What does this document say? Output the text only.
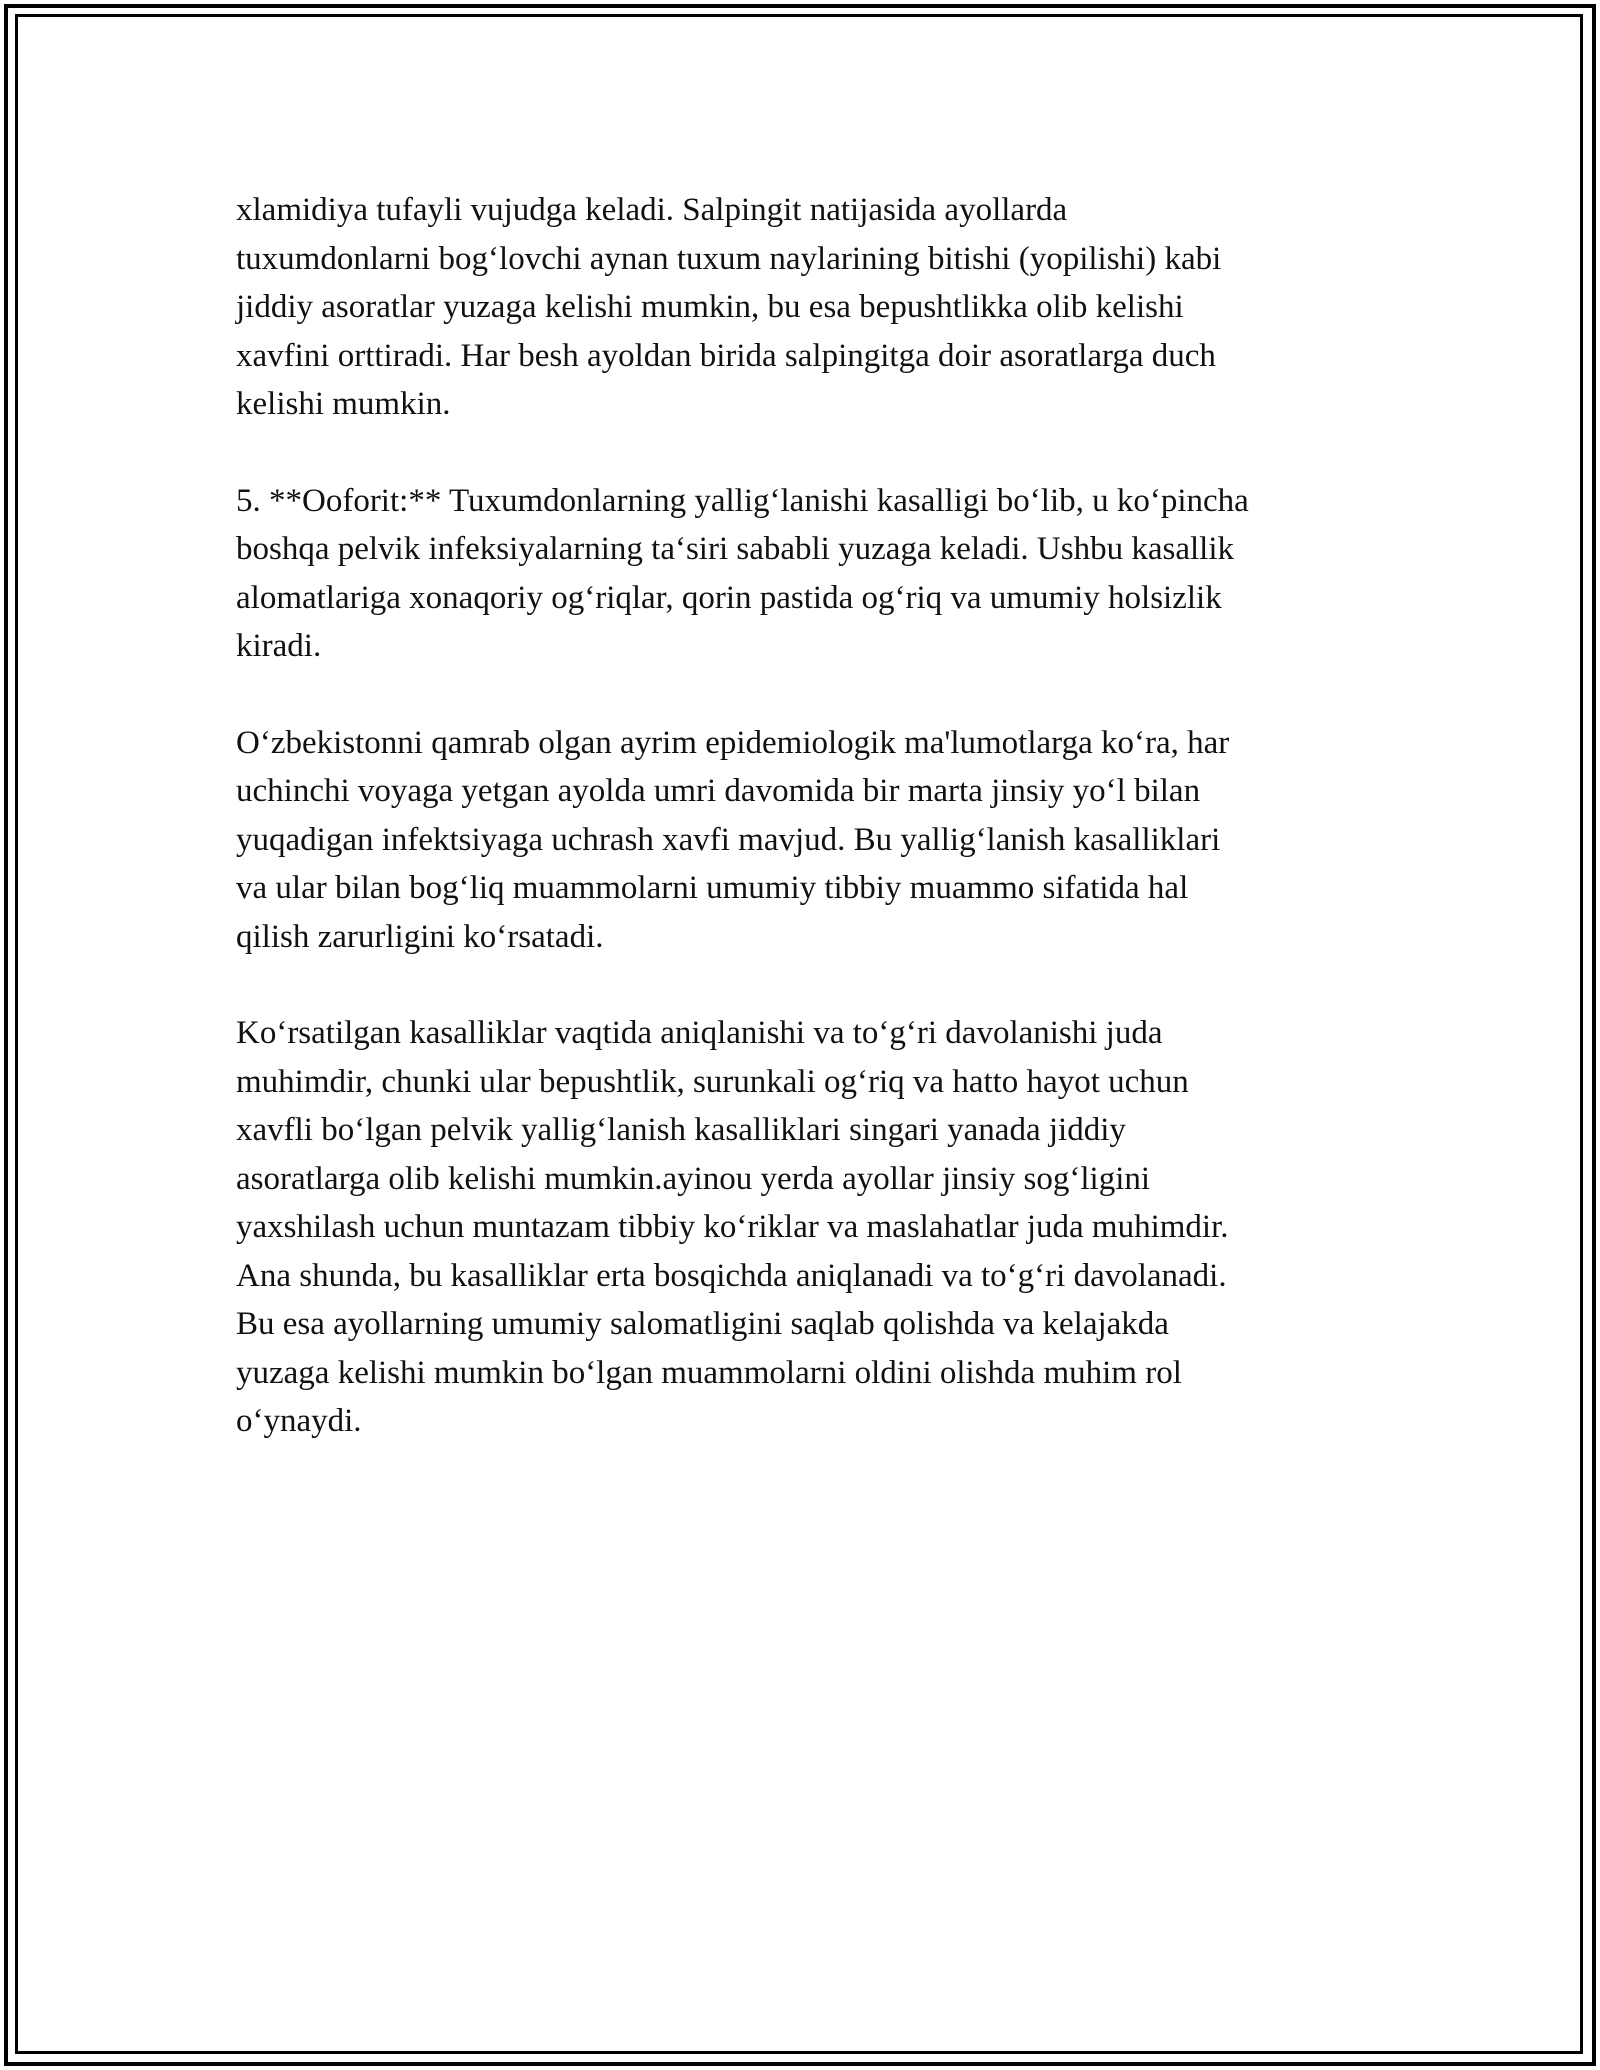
xlamidiya tufayli vujudga keladi. Salpingit natijasida ayollarda
tuxumdonlarni bog‘lovchi aynan tuxum naylarining bitishi (yopilishi) kabi
jiddiy asoratlar yuzaga kelishi mumkin, bu esa bepushtlikka olib kelishi
xavfini orttiradi. Har besh ayoldan birida salpingitga doir asoratlarga duch
kelishi mumkin.

5. **Ooforit:** Tuxumdonlarning yallig‘lanishi kasalligi bo‘lib, u ko‘pincha
boshqa pelvik infeksiyalarning ta‘siri sababli yuzaga keladi. Ushbu kasallik
alomatlariga xonaqoriy og‘riqlar, qorin pastida og‘riq va umumiy holsizlik
kiradi.

O‘zbekistonni qamrab olgan ayrim epidemiologik ma'lumotlarga ko‘ra, har
uchinchi voyaga yetgan ayolda umri davomida bir marta jinsiy yo‘l bilan
yuqadigan infektsiyaga uchrash xavfi mavjud. Bu yallig‘lanish kasalliklari
va ular bilan bog‘liq muammolarni umumiy tibbiy muammo sifatida hal
qilish zarurligini ko‘rsatadi.

Ko‘rsatilgan kasalliklar vaqtida aniqlanishi va to‘g‘ri davolanishi juda
muhimdir, chunki ular bepushtlik, surunkali og‘riq va hatto hayot uchun
xavfli bo‘lgan pelvik yallig‘lanish kasalliklari singari yanada jiddiy
asoratlarga olib kelishi mumkin.ayinou yerda ayollar jinsiy sog‘ligini
yaxshilash uchun muntazam tibbiy ko‘riklar va maslahatlar juda muhimdir.
Ana shunda, bu kasalliklar erta bosqichda aniqlanadi va to‘g‘ri davolanadi.
Bu esa ayollarning umumiy salomatligini saqlab qolishda va kelajakda
yuzaga kelishi mumkin bo‘lgan muammolarni oldini olishda muhim rol
o‘ynaydi.
